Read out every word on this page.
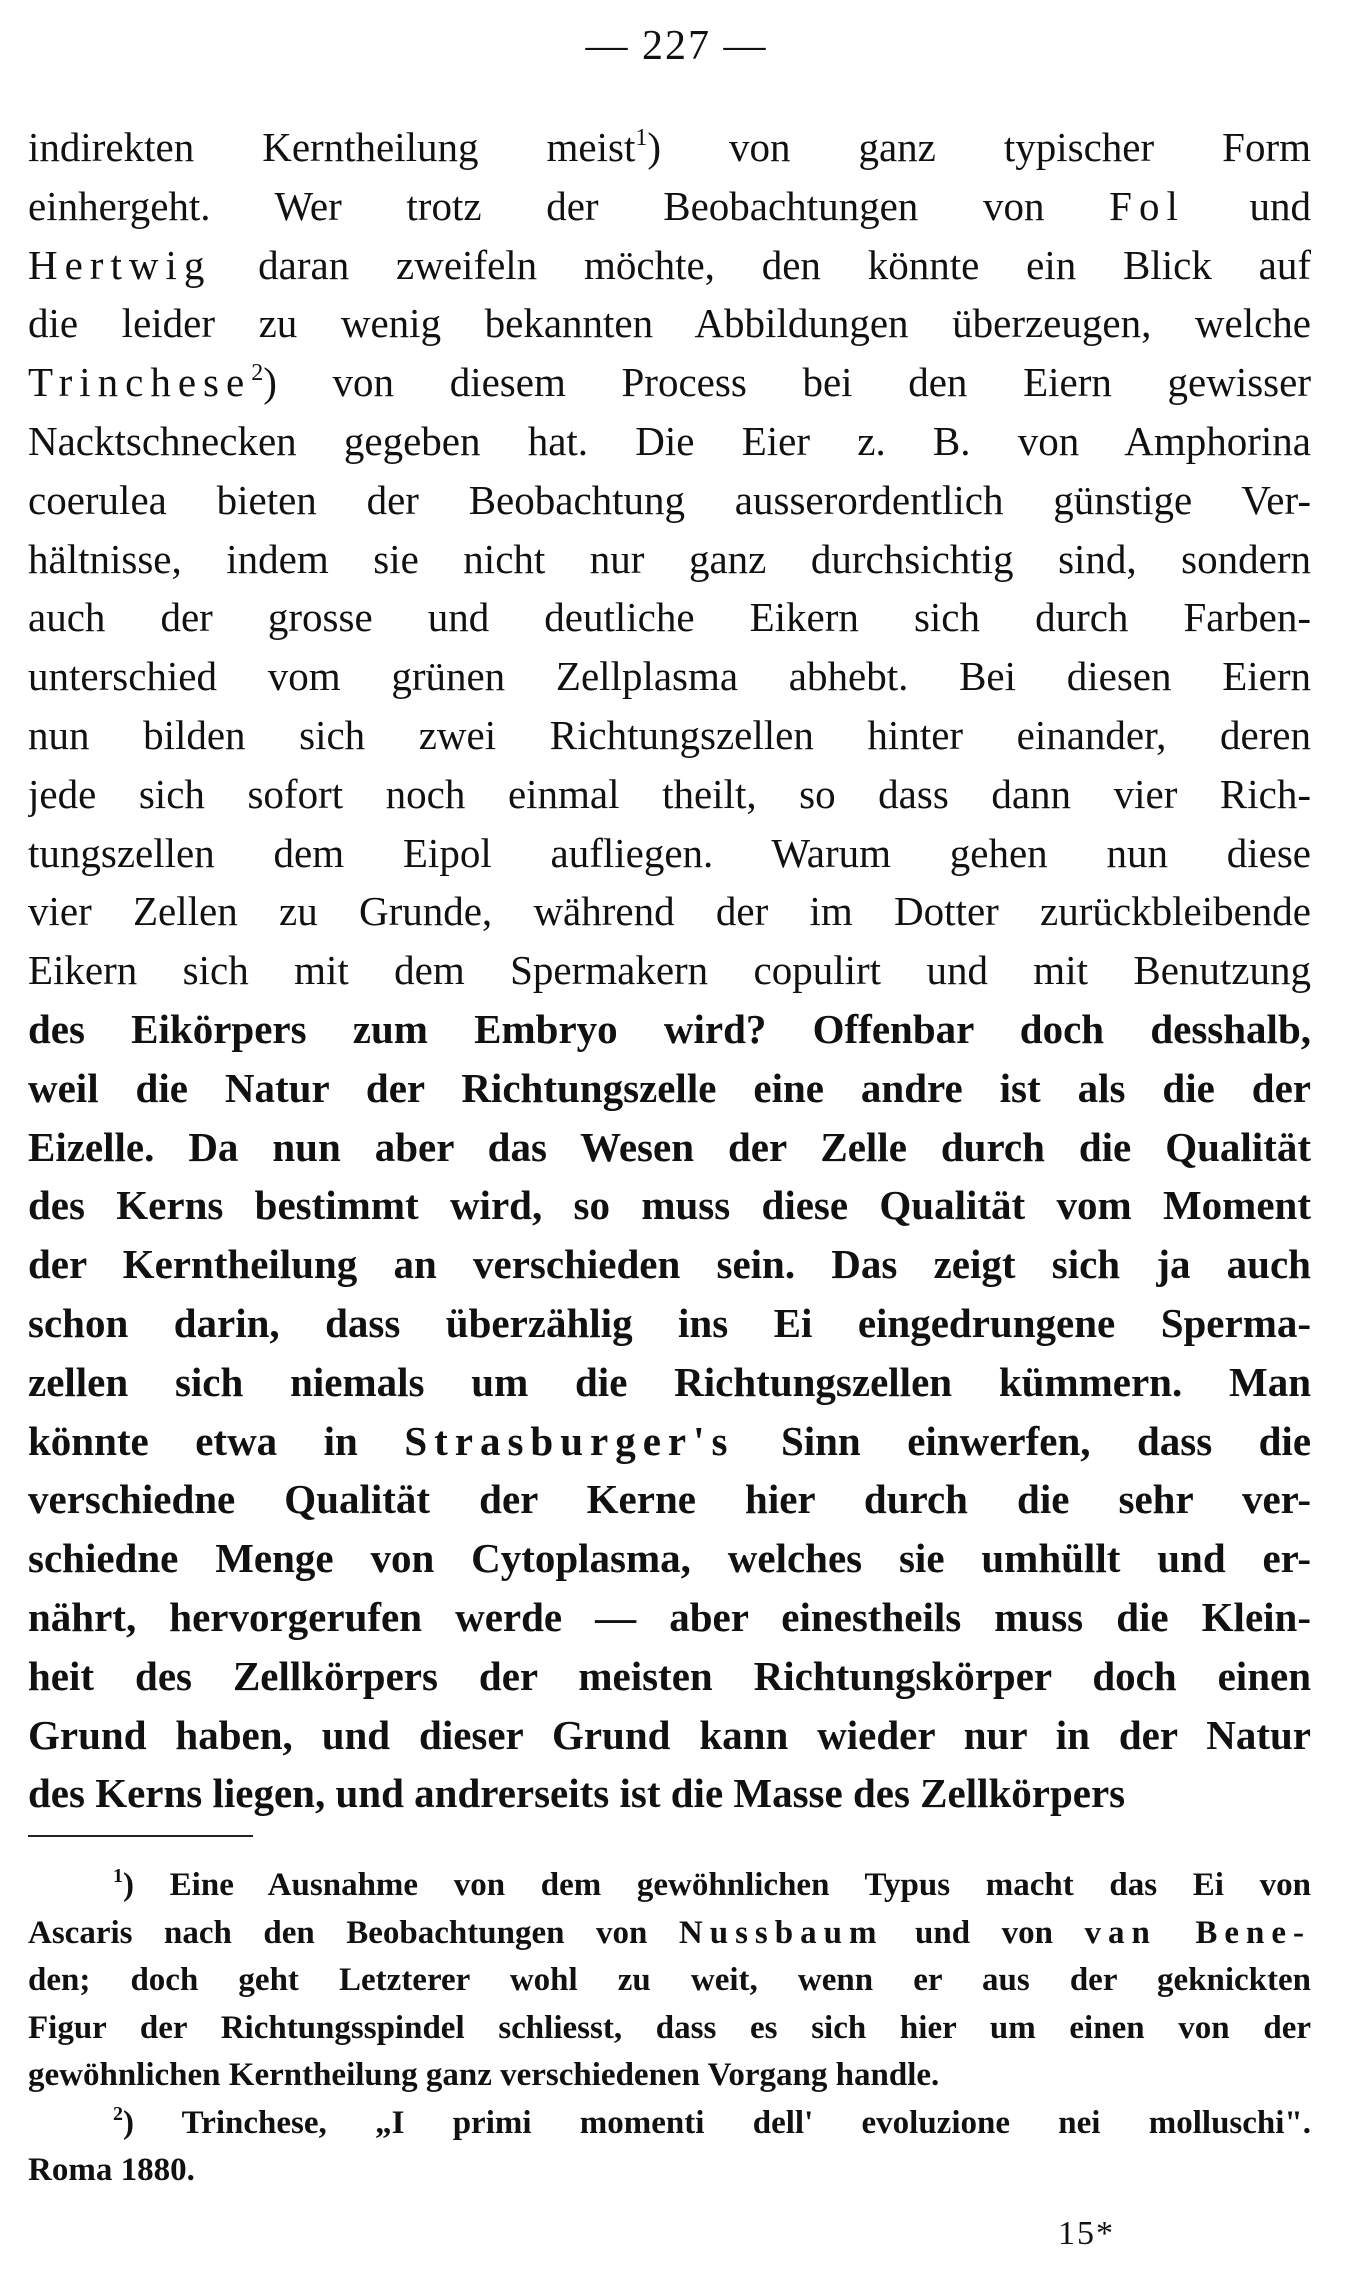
— 227 —
indirekten Kerntheilung meist$^1$) von ganz typischer Form
einhergeht. Wer trotz der Beobachtungen von Fol und
Hertwig daran zweifeln möchte, den könnte ein Blick auf
die leider zu wenig bekannten Abbildungen überzeugen, welche
Trinchese$^2$) von diesem Process bei den Eiern gewisser
Nacktschnecken gegeben hat. Die Eier z. B. von Amphorina
coerulea bieten der Beobachtung ausserordentlich günstige Ver-
hältnisse, indem sie nicht nur ganz durchsichtig sind, sondern
auch der grosse und deutliche Eikern sich durch Farben-
unterschied vom grünen Zellplasma abhebt. Bei diesen Eiern
nun bilden sich zwei Richtungszellen hinter einander, deren
jede sich sofort noch einmal theilt, so dass dann vier Rich-
tungszellen dem Eipol aufliegen. Warum gehen nun diese
vier Zellen zu Grunde, während der im Dotter zurückbleibende
Eikern sich mit dem Spermakern copulirt und mit Benutzung
des Eikörpers zum Embryo wird? Offenbar doch desshalb,
weil die Natur der Richtungszelle eine andre ist als die der
Eizelle. Da nun aber das Wesen der Zelle durch die Qualität
des Kerns bestimmt wird, so muss diese Qualität vom Moment
der Kerntheilung an verschieden sein. Das zeigt sich ja auch
schon darin, dass überzählig ins Ei eingedrungene Sperma-
zellen sich niemals um die Richtungszellen kümmern. Man
könnte etwa in Strasburger's Sinn einwerfen, dass die
verschiedne Qualität der Kerne hier durch die sehr ver-
schiedne Menge von Cytoplasma, welches sie umhüllt und er-
nährt, hervorgerufen werde — aber einestheils muss die Klein-
heit des Zellkörpers der meisten Richtungskörper doch einen
Grund haben, und dieser Grund kann wieder nur in der Natur
des Kerns liegen, und andrerseits ist die Masse des Zellkörpers
$^1$) Eine Ausnahme von dem gewöhnlichen Typus macht das Ei von
Ascaris nach den Beobachtungen von Nussbaum und von van Bene-
den; doch geht Letzterer wohl zu weit, wenn er aus der geknickten
Figur der Richtungsspindel schliesst, dass es sich hier um einen von der
gewöhnlichen Kerntheilung ganz verschiedenen Vorgang handle.
$^2$) Trinchese, „I primi momenti dell' evoluzione nei molluschi".
Roma 1880.
15*
